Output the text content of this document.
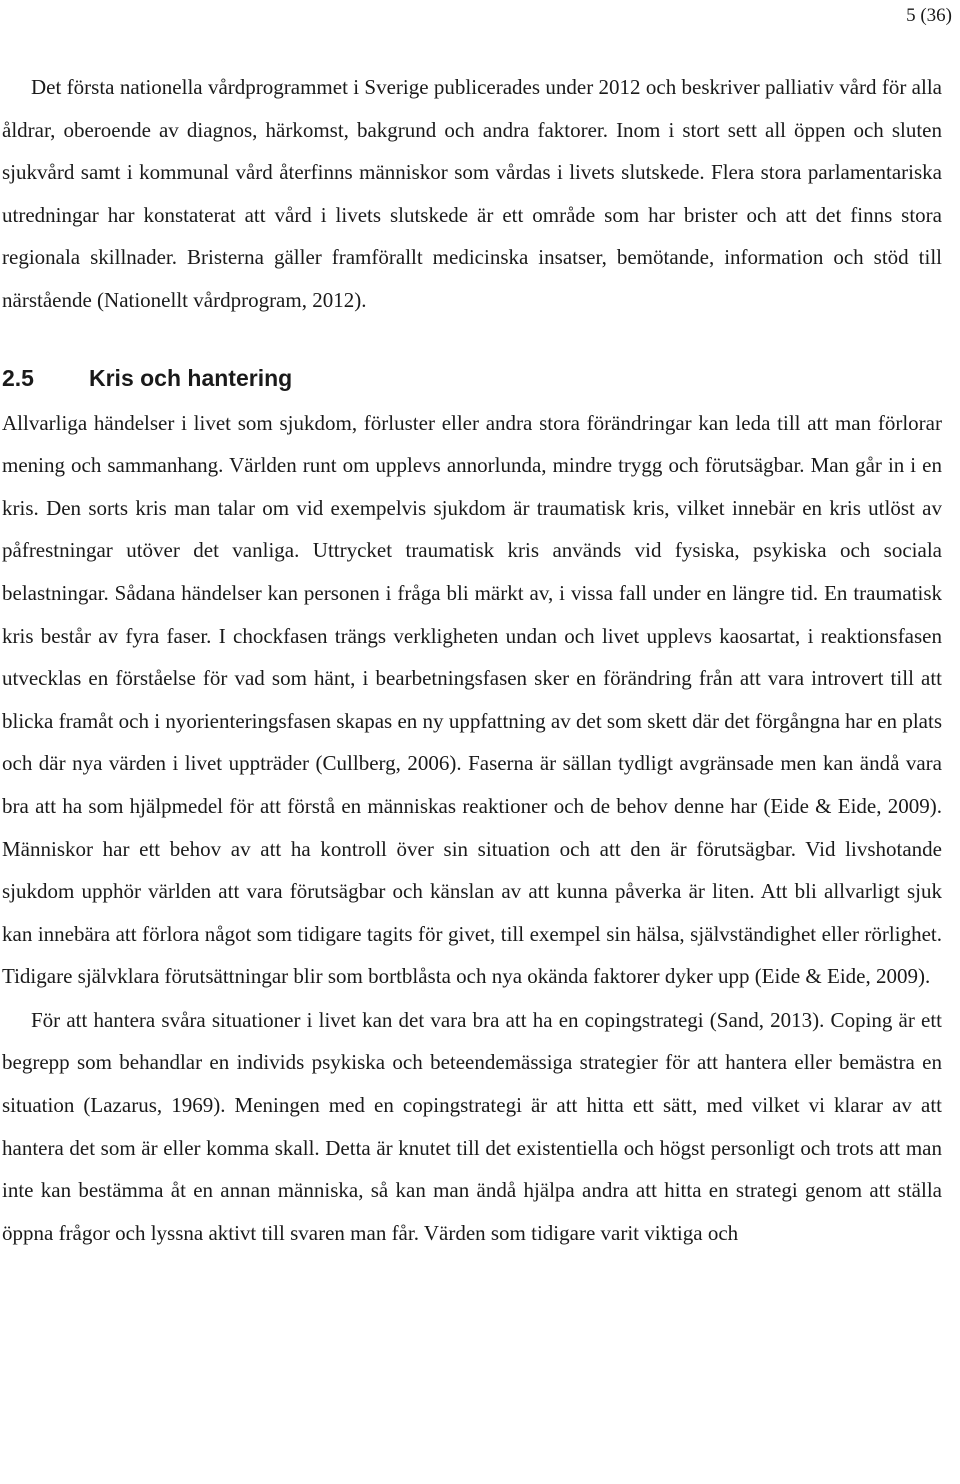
5 (36)

Det första nationella vårdprogrammet i Sverige publicerades under 2012 och beskriver palliativ vård för alla åldrar, oberoende av diagnos, härkomst, bakgrund och andra faktorer. Inom i stort sett all öppen och sluten sjukvård samt i kommunal vård återfinns människor som vårdas i livets slutskede. Flera stora parlamentariska utredningar har konstaterat att vård i livets slutskede är ett område som har brister och att det finns stora regionala skillnader. Bristerna gäller framförallt medicinska insatser, bemötande, information och stöd till närstående (Nationellt vårdprogram, 2012).

2.5 Kris och hantering

Allvarliga händelser i livet som sjukdom, förluster eller andra stora förändringar kan leda till att man förlorar mening och sammanhang. Världen runt om upplevs annorlunda, mindre trygg och förutsägbar. Man går in i en kris. Den sorts kris man talar om vid exempelvis sjukdom är traumatisk kris, vilket innebär en kris utlöst av påfrestningar utöver det vanliga. Uttrycket traumatisk kris används vid fysiska, psykiska och sociala belastningar. Sådana händelser kan personen i fråga bli märkt av, i vissa fall under en längre tid. En traumatisk kris består av fyra faser. I chockfasen trängs verkligheten undan och livet upplevs kaosartat, i reaktionsfasen utvecklas en förståelse för vad som hänt, i bearbetningsfasen sker en förändring från att vara introvert till att blicka framåt och i nyorienteringsfasen skapas en ny uppfattning av det som skett där det förgångna har en plats och där nya värden i livet uppträder (Cullberg, 2006). Faserna är sällan tydligt avgränsade men kan ändå vara bra att ha som hjälpmedel för att förstå en människas reaktioner och de behov denne har (Eide & Eide, 2009). Människor har ett behov av att ha kontroll över sin situation och att den är förutsägbar. Vid livshotande sjukdom upphör världen att vara förutsägbar och känslan av att kunna påverka är liten. Att bli allvarligt sjuk kan innebära att förlora något som tidigare tagits för givet, till exempel sin hälsa, självständighet eller rörlighet. Tidigare självklara förutsättningar blir som bortblåsta och nya okända faktorer dyker upp (Eide & Eide, 2009).

För att hantera svåra situationer i livet kan det vara bra att ha en copingstrategi (Sand, 2013). Coping är ett begrepp som behandlar en individs psykiska och beteendemässiga strategier för att hantera eller bemästra en situation (Lazarus, 1969). Meningen med en copingstrategi är att hitta ett sätt, med vilket vi klarar av att hantera det som är eller komma skall. Detta är knutet till det existentiella och högst personligt och trots att man inte kan bestämma åt en annan människa, så kan man ändå hjälpa andra att hitta en strategi genom att ställa öppna frågor och lyssna aktivt till svaren man får. Värden som tidigare varit viktiga och
